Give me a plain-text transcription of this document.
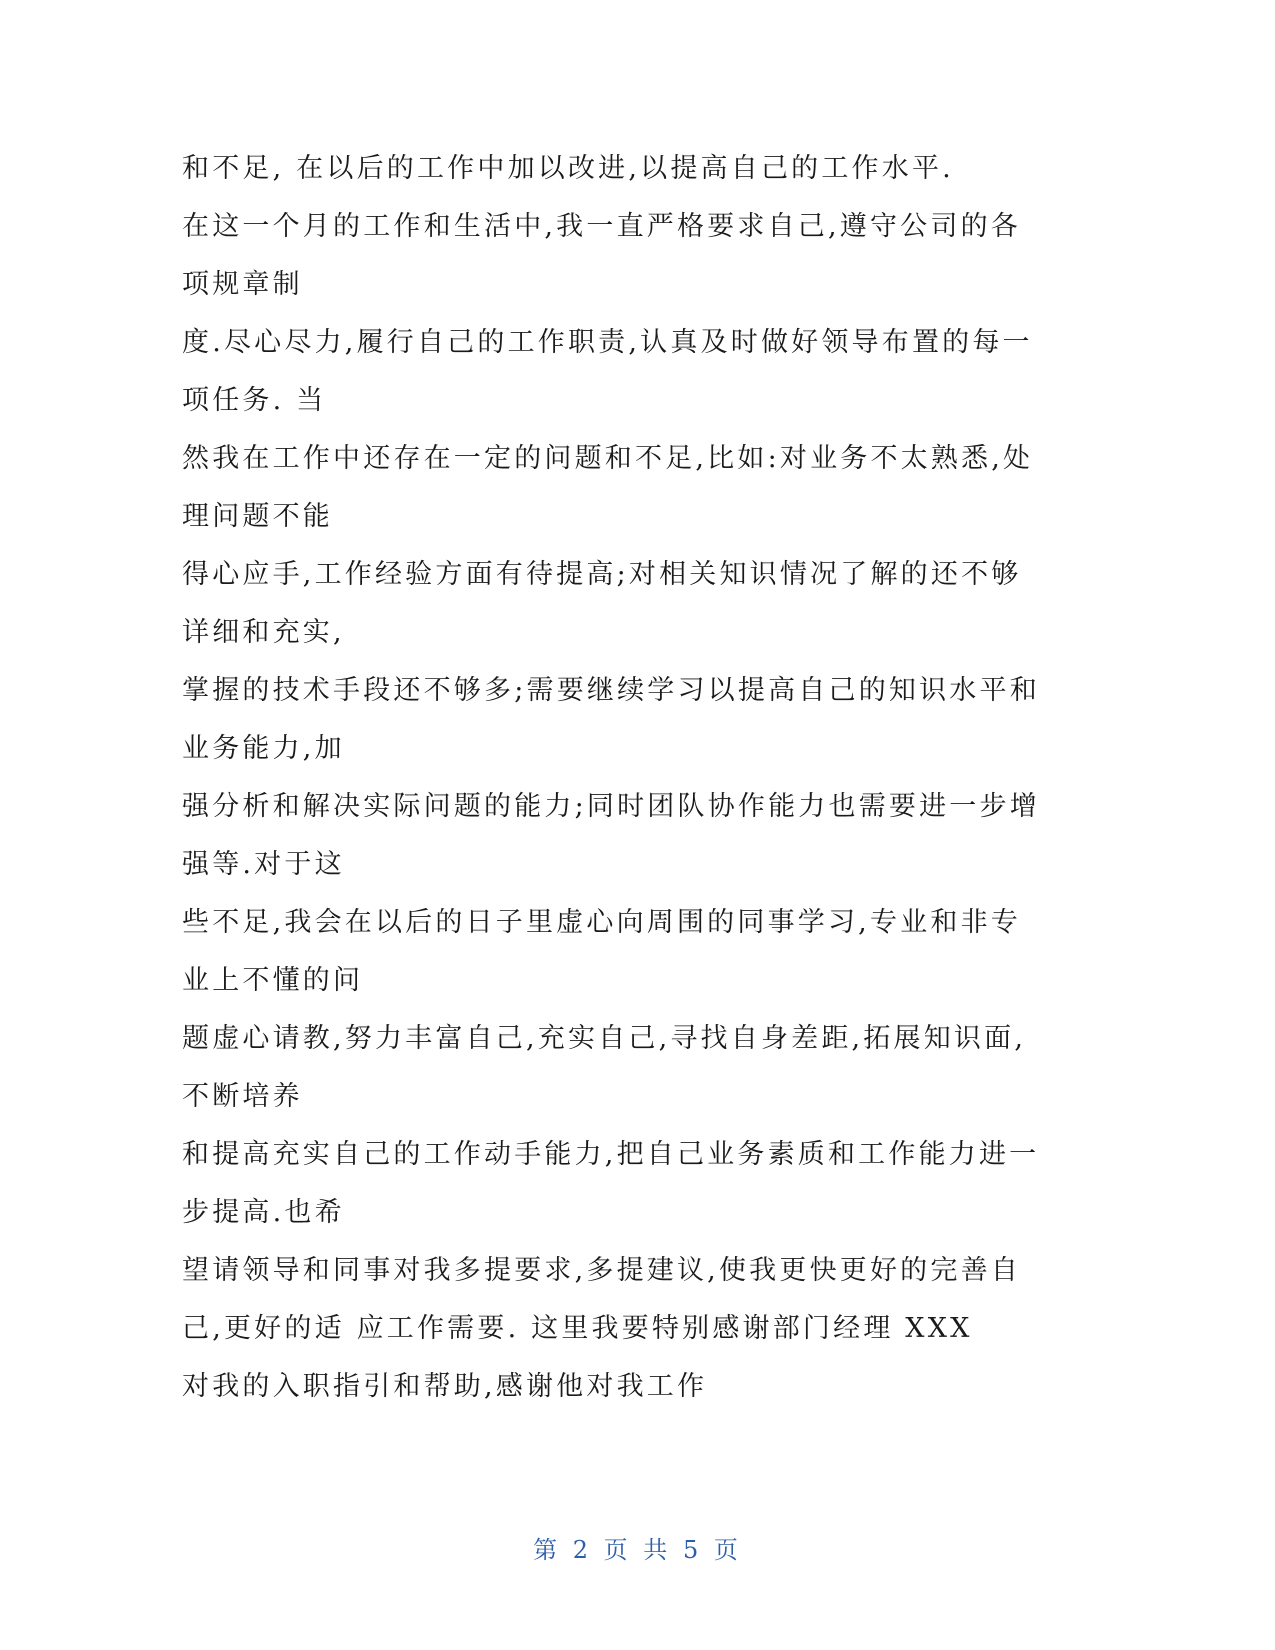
和不足, 在以后的工作中加以改进,以提高自己的工作水平.
在这一个月的工作和生活中,我一直严格要求自己,遵守公司的各
项规章制
度.尽心尽力,履行自己的工作职责,认真及时做好领导布置的每一
项任务. 当
然我在工作中还存在一定的问题和不足,比如:对业务不太熟悉,处
理问题不能
得心应手,工作经验方面有待提高;对相关知识情况了解的还不够
详细和充实,
掌握的技术手段还不够多;需要继续学习以提高自己的知识水平和
业务能力,加
强分析和解决实际问题的能力;同时团队协作能力也需要进一步增
强等.对于这
些不足,我会在以后的日子里虚心向周围的同事学习,专业和非专
业上不懂的问
题虚心请教,努力丰富自己,充实自己,寻找自身差距,拓展知识面,
不断培养
和提高充实自己的工作动手能力,把自己业务素质和工作能力进一
步提高.也希
望请领导和同事对我多提要求,多提建议,使我更快更好的完善自
己,更好的适 应工作需要. 这里我要特别感谢部门经理 XXX
对我的入职指引和帮助,感谢他对我工作
第 2 页 共 5 页
